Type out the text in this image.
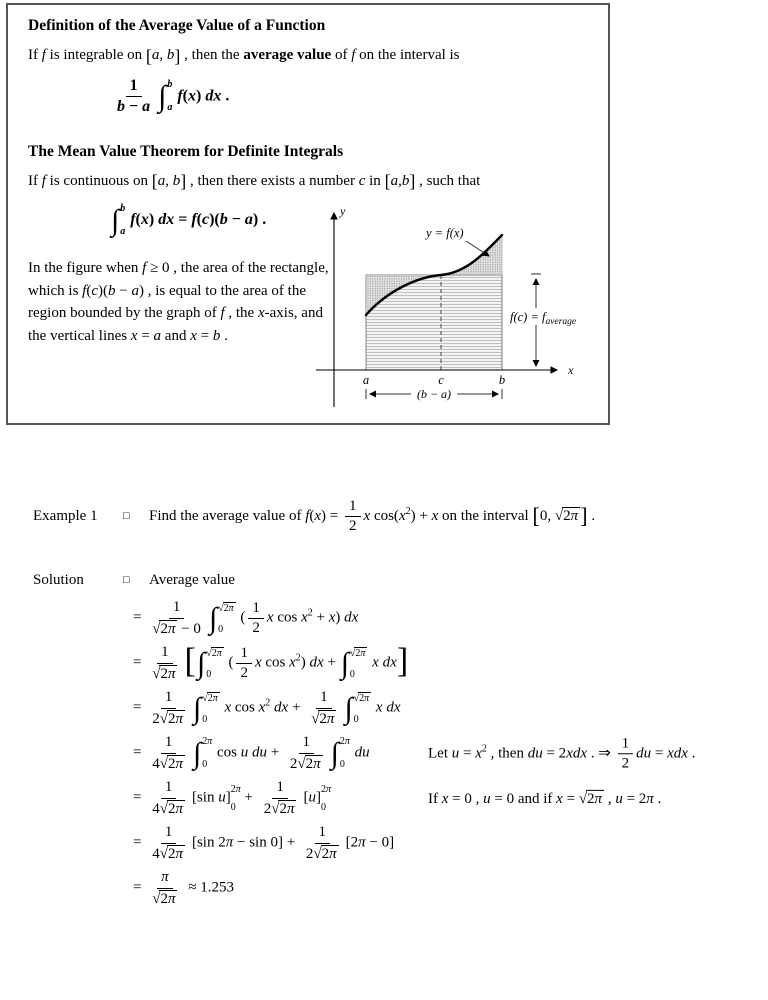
Definition of the Average Value of a Function

If f is integrable on [a, b] , then the average value of f on the interval is

$\frac{1}{b - a}$ ∫ b
a
f(x) dx .
The Mean Value Theorem for Definite Integrals

If f is continuous on [a, b] , then there exists a number c in [a,b] , such that

∫ b
a
f(x) dx = f(c)(b − a) .

In the figure when f ≥ 0 , the area of the rectangle, which is f(c)(b − a) , is equal to the area of the region bounded by the graph of f , the x-axis, and the vertical lines x = a and x = b .

y
x
a	c	b
(b − a)
$f(c) = f_{average}$
y = f(x)
Example 1 □ Find the average value of $f(x) = \frac{1}{2}$ x $\cos(x^2) + x$ on the interval [0, √2π] .
Solution	□ Average value
= $\frac{1}{√2\pi - 0}$ ∫ √2π
0
( $\frac{1}{2}$ x $\cos x^2 + x$) dx
= $\frac{1}{√2\pi}$ [ ∫ √2π
0
( $\frac{1}{2}$ x $\cos x^2$) dx + ∫ √2π
0
x dx]
= $\frac{1}{2√2\pi}$ ∫ √2π
0
x $\cos x^2$ dx + $\frac{1}{√2\pi}$ ∫ √2π
0
x dx
= $\frac{1}{4√2\pi}$ ∫ 2π
0
cos u du + $\frac{1}{2√2\pi}$ ∫ 2π
0
du	Let $u = x^2$ , then du = 2xdx . ⇒ $\frac{1}{2}$ du = xdx .
= $\frac{1}{4√2\pi} [\sin$ u]
2π
0
+ $\frac{1}{2√2\pi} [u]$
2π
0
If x = 0 , u = 0 and if x = √2π , u = 2π .
= $\frac{1}{4√2\pi} [\sin$ $2\pi - \sin 0] + \frac{1}{2√2\pi} [2\pi - 0]$
= $\frac{\pi}{√2\pi} \approx 1.253$
